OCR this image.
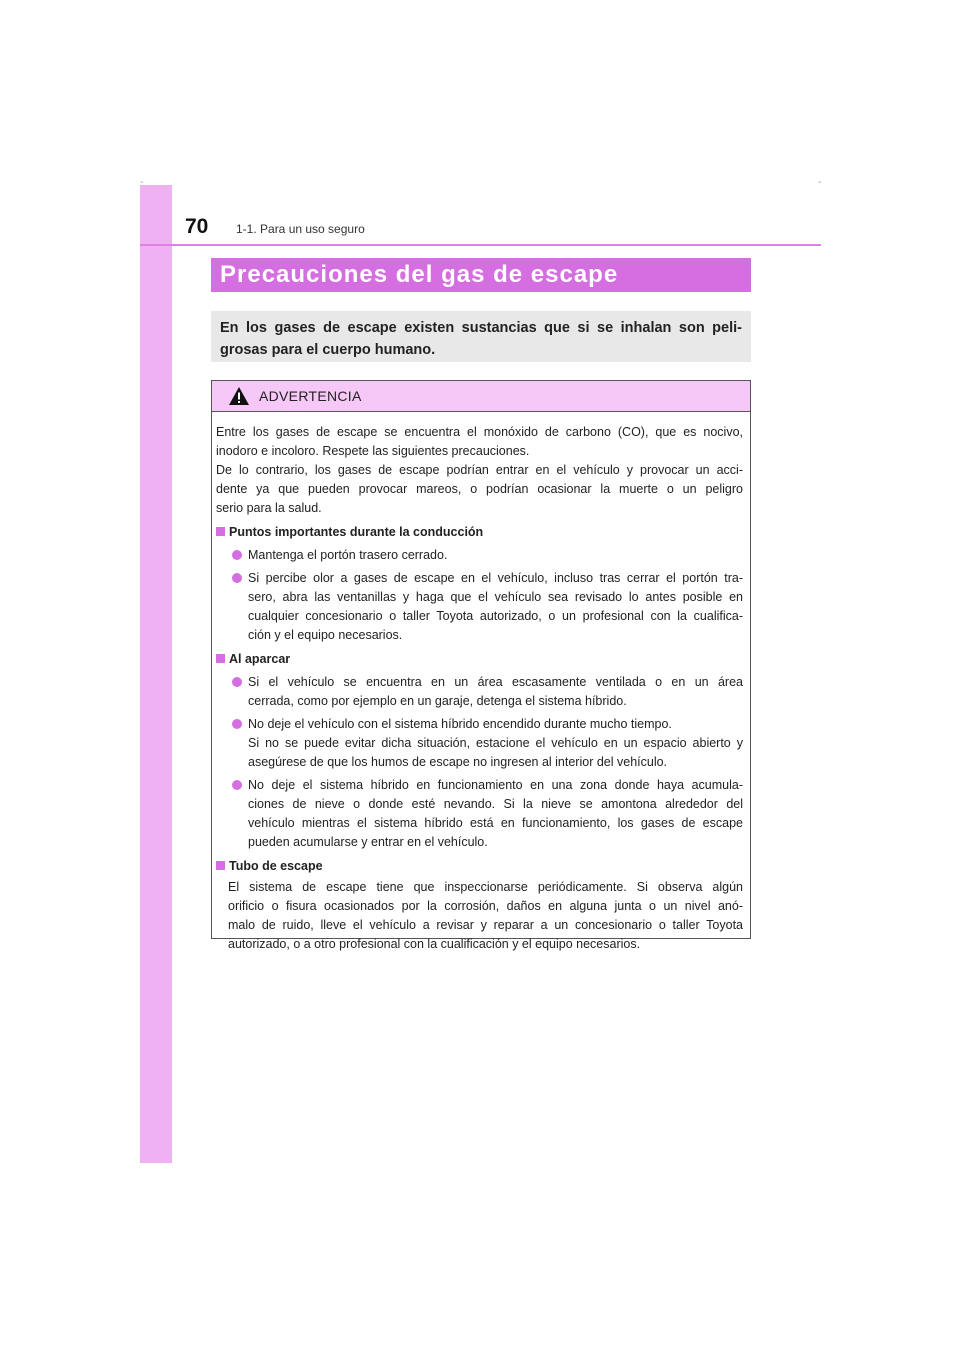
-	-
70 1-1. Para un uso seguro
Precauciones del gas de escape
En los gases de escape existen sustancias que si se inhalan son peli-
grosas para el cuerpo humano.
ADVERTENCIA
Entre los gases de escape se encuentra el monóxido de carbono (CO), que es nocivo,
inodoro e incoloro. Respete las siguientes precauciones.
De lo contrario, los gases de escape podrían entrar en el vehículo y provocar un acci-
dente ya que pueden provocar mareos, o podrían ocasionar la muerte o un peligro
serio para la salud.
Puntos importantes durante la conducción
Mantenga el portón trasero cerrado.
Si percibe olor a gases de escape en el vehículo, incluso tras cerrar el portón tra-
sero, abra las ventanillas y haga que el vehículo sea revisado lo antes posible en
cualquier concesionario o taller Toyota autorizado, o un profesional con la cualifica-
ción y el equipo necesarios.
Al aparcar
Si el vehículo se encuentra en un área escasamente ventilada o en un área
cerrada, como por ejemplo en un garaje, detenga el sistema híbrido.
No deje el vehículo con el sistema híbrido encendido durante mucho tiempo.
Si no se puede evitar dicha situación, estacione el vehículo en un espacio abierto y
asegúrese de que los humos de escape no ingresen al interior del vehículo.
No deje el sistema híbrido en funcionamiento en una zona donde haya acumula-
ciones de nieve o donde esté nevando. Si la nieve se amontona alrededor del
vehículo mientras el sistema híbrido está en funcionamiento, los gases de escape
pueden acumularse y entrar en el vehículo.
Tubo de escape
El sistema de escape tiene que inspeccionarse periódicamente. Si observa algún
orificio o fisura ocasionados por la corrosión, daños en alguna junta o un nivel anó-
malo de ruido, lleve el vehículo a revisar y reparar a un concesionario o taller Toyota
autorizado, o a otro profesional con la cualificación y el equipo necesarios.
